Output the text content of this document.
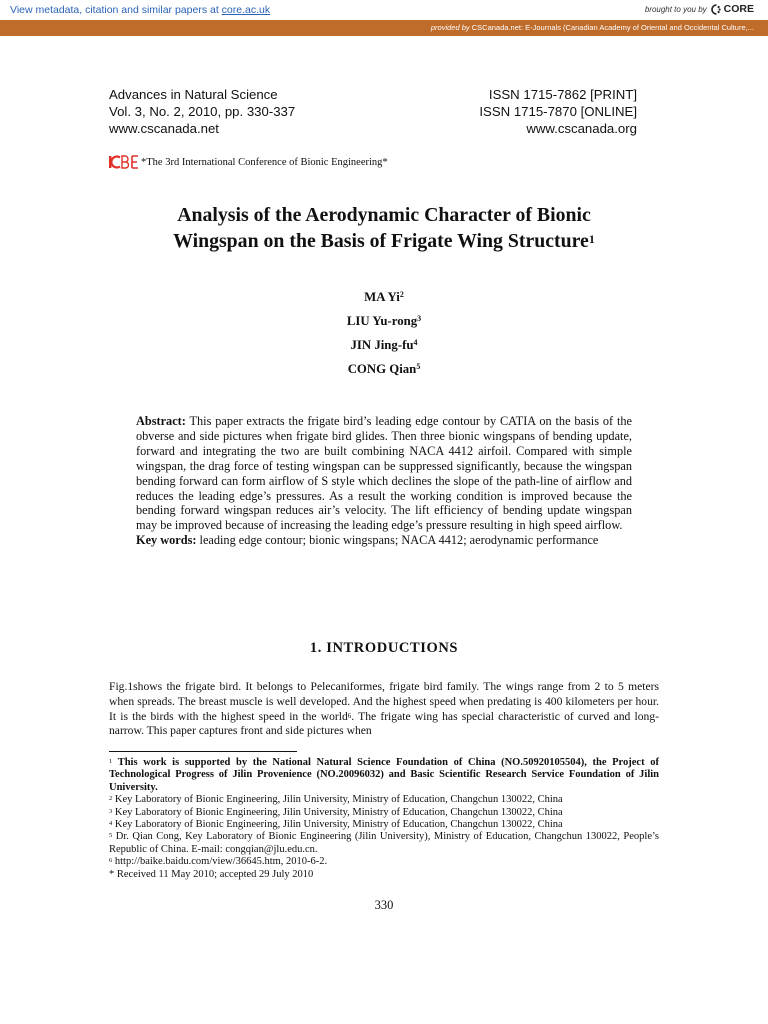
View metadata, citation and similar papers at core.ac.uk	brought to you by CORE
provided by CSCanada.net: E-Journals (Canadian Academy of Oriental and Occidental Culture,...
Advances in Natural Science	ISSN 1715-7862 [PRINT]
Vol. 3, No. 2, 2010, pp. 330-337	ISSN 1715-7870 [ONLINE]
www.cscanada.net	www.cscanada.org
*The 3rd International Conference of Bionic Engineering*
Analysis of the Aerodynamic Character of Bionic
Wingspan on the Basis of Frigate Wing Structure$^1$
MA Yi$^2$
LIU Yu-rong$^3$
JIN Jing-$fu^4$
CONG Qian$^5$
Abstract: This paper extracts the frigate bird’s leading edge contour by CATIA on the basis of the obverse and side pictures when frigate bird glides. Then three bionic wingspans of bending update, forward and integrating the two are built combining NACA 4412 airfoil. Compared with simple wingspan, the drag force of testing wingspan can be suppressed significantly, because the wingspan bending forward can form airflow of S style which declines the slope of the path-line of airflow and reduces the leading edge’s pressures. As a result the working condition is improved because the bending forward wingspan reduces air’s velocity. The lift efficiency of bending update wingspan may be improved because of increasing the leading edge’s pressure resulting in high speed airflow.
Key words: leading edge contour; bionic wingspans; NACA 4412; aerodynamic performance
1. INTRODUCTIONS
Fig.1shows the frigate bird. It belongs to Pelecaniformes, frigate bird family. The wings range from 2 to 5 meters when spreads. The breast muscle is well developed. And the highest speed when predating is 400 kilometers per hour. It is the birds with the highest speed in the world$^6$. The frigate wing has special characteristic of curved and long-narrow. This paper captures front and side pictures when

$^1$ This work is supported by the National Natural Science Foundation of China (NO.50920105504), the Project of Technological Progress of Jilin Provenience (NO.20096032) and Basic Scientific Research Service Foundation of Jilin University.

$^2$ Key Laboratory of Bionic Engineering, Jilin University, Ministry of Education, Changchun 130022, China

$^3$ Key Laboratory of Bionic Engineering, Jilin University, Ministry of Education, Changchun 130022, China

$^4$ Key Laboratory of Bionic Engineering, Jilin University, Ministry of Education, Changchun 130022, China

$^5$ Dr. Qian Cong, Key Laboratory of Bionic Engineering (Jilin University), Ministry of Education, Changchun 130022, People’s Republic of China. E-mail: congqian@jlu.edu.cn.

$^6$ http://baike.baidu.com/view/36645.htm, 2010-6-2.

* Received 11 May 2010; accepted 29 July 2010

330
